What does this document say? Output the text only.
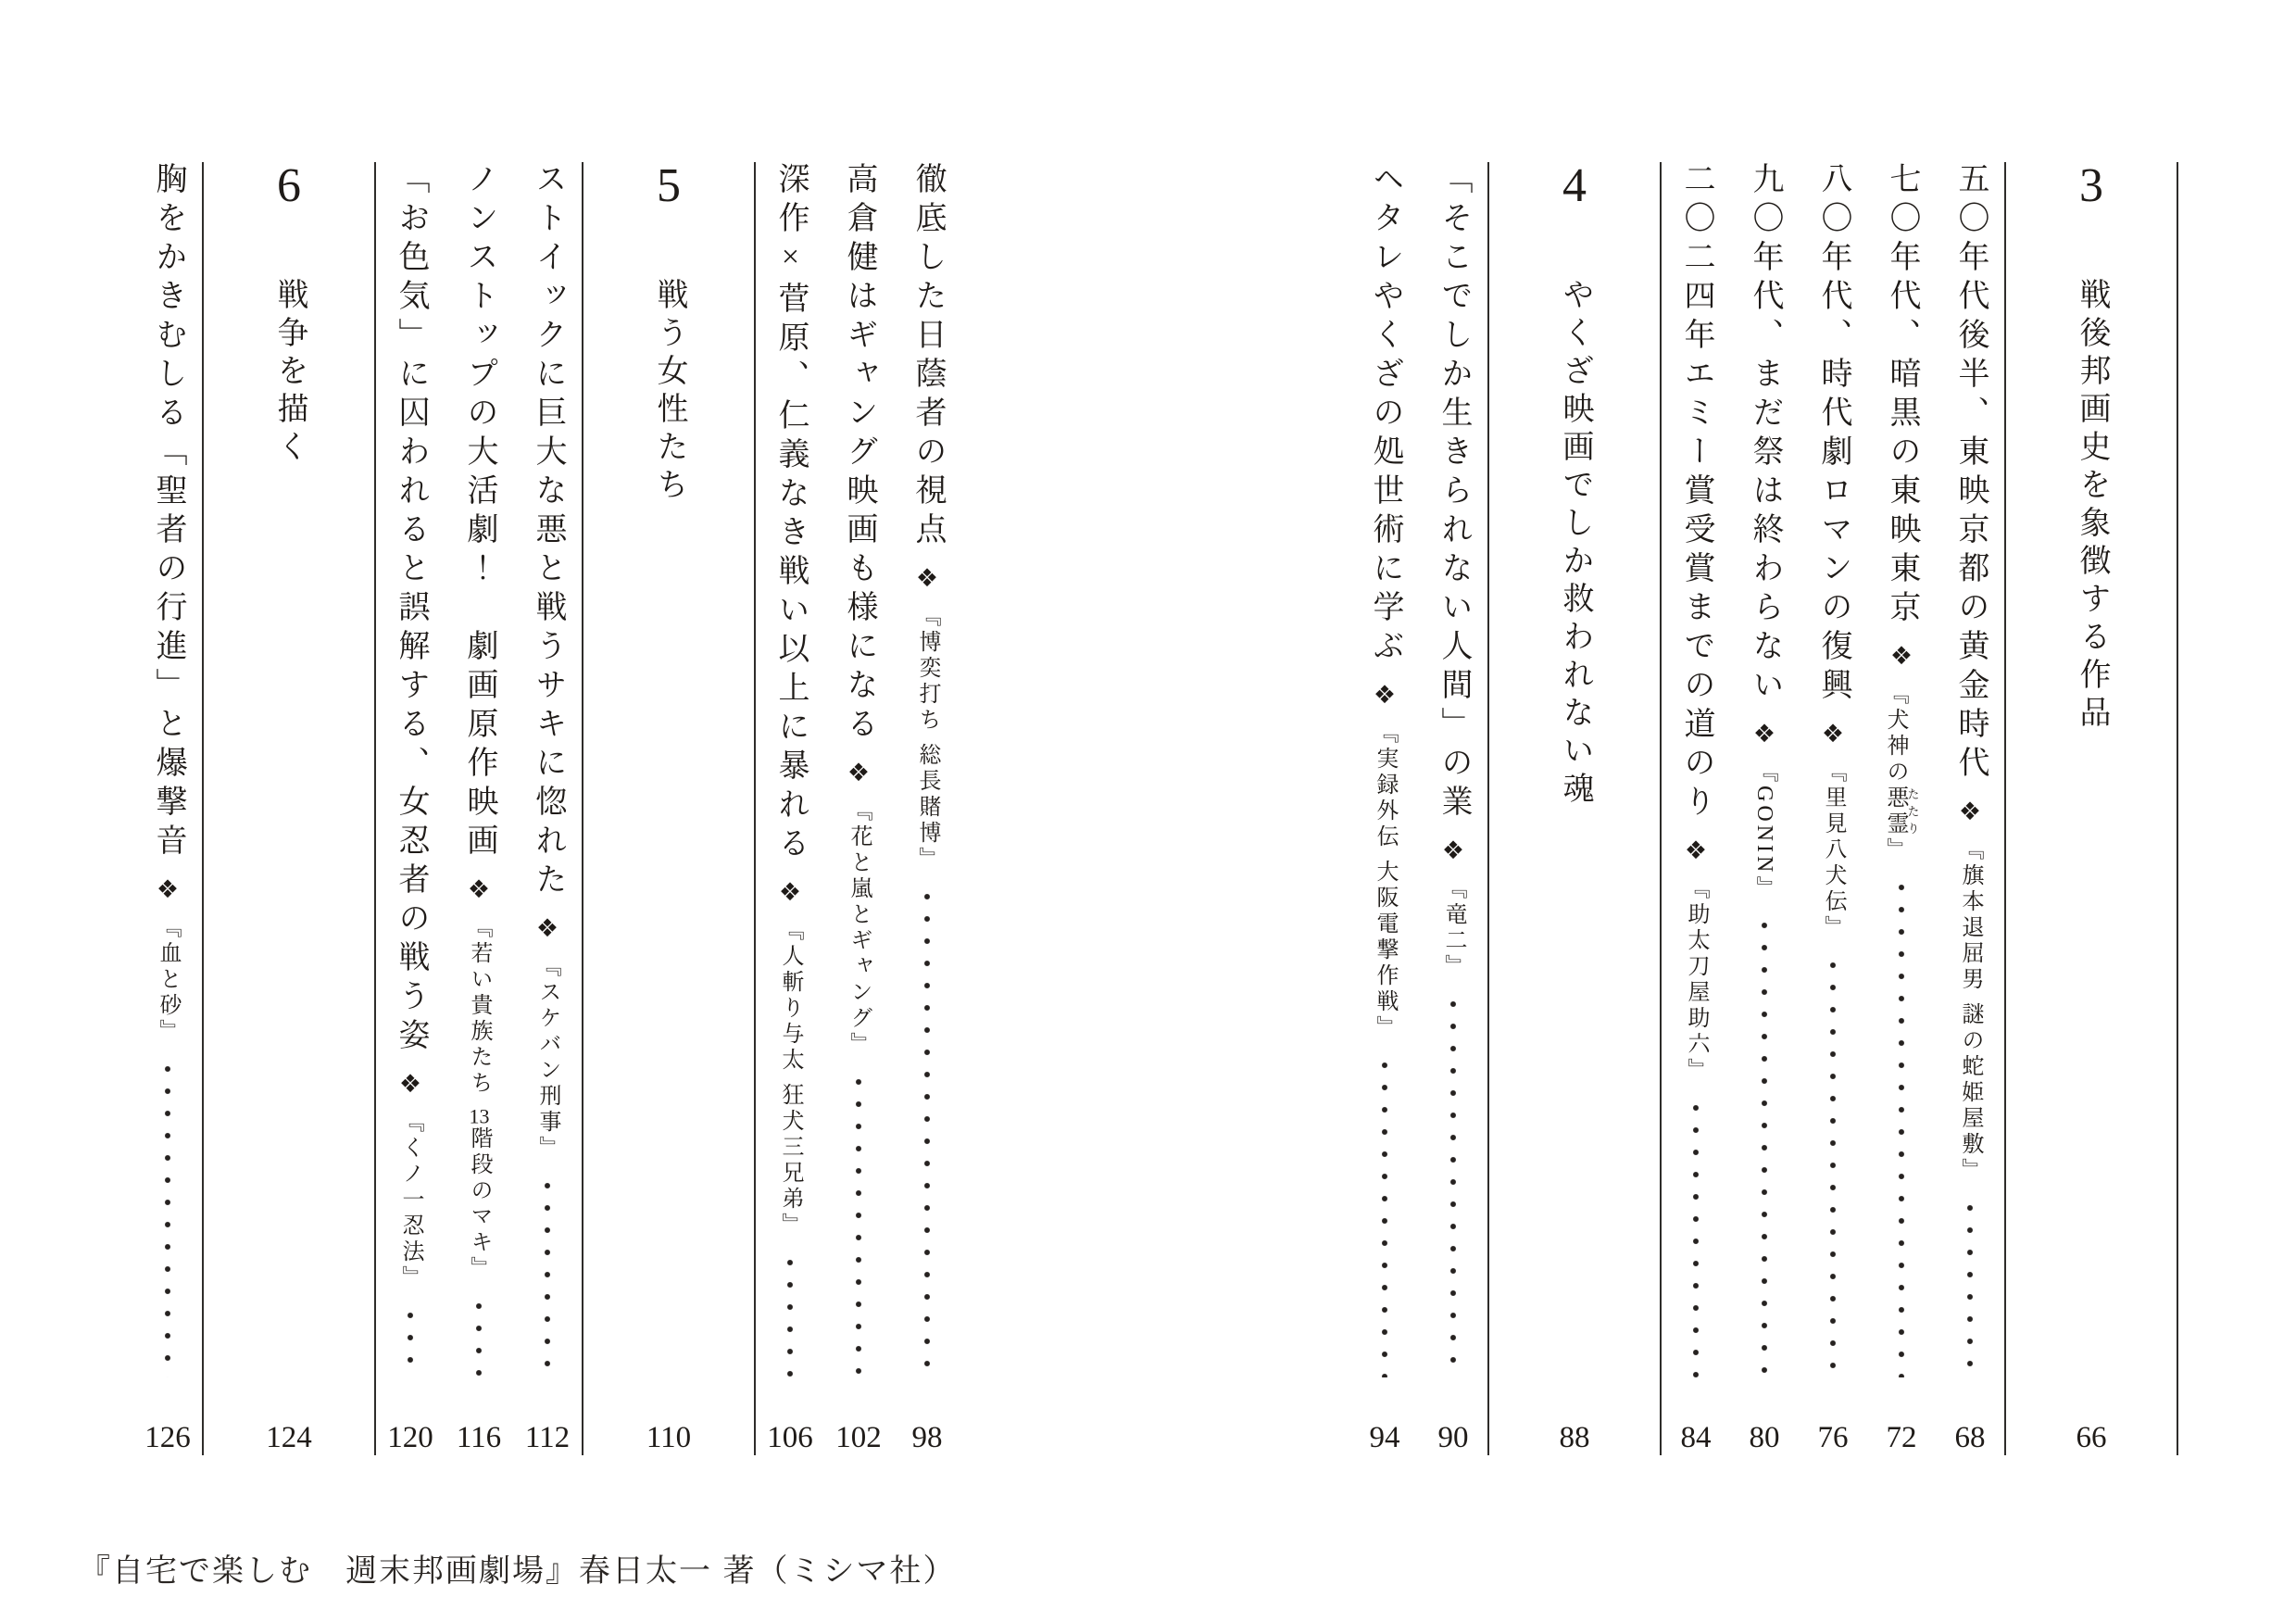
3
戦後邦画史を象徴する作品
66
五〇年代後半、東映京都の黄金時代
❖
『旗本退屈男 謎の蛇姫屋敷』
68
七〇年代、暗黒の東映東京
❖
『犬神の悪霊たたり』
72
八〇年代、時代劇ロマンの復興
❖
『里見八犬伝』
76
九〇年代、まだ祭は終わらない
❖
『GONIN』
80
二〇二四年エミー賞受賞までの道のり
❖
『助太刀屋助六』
84
4
やくざ映画でしか救われない魂
88
「そこでしか生きられない人間」の業
❖
『竜二』
90
ヘタレやくざの処世術に学ぶ
❖
『実録外伝 大阪電撃作戦』
94
徹底した日蔭者の視点
❖
『博奕打ち 総長賭博』
98
高倉健はギャング映画も様になる
❖
『花と嵐とギャング』
102
深作×菅原、仁義なき戦い以上に暴れる
❖
『人斬り与太 狂犬三兄弟』
106
5
戦う女性たち
110
ストイックに巨大な悪と戦うサキに惚れた
❖
『スケバン刑事』
112
ノンストップの大活劇！　劇画原作映画
❖
『若い貴族たち 13階段のマキ』
116
「お色気」に囚われると誤解する、女忍者の戦う姿
❖
『くノ一忍法』
120
6
戦争を描く
124
胸をかきむしる「聖者の行進」と爆撃音
❖
『血と砂』
126
『自宅で楽しむ　週末邦画劇場』春日太一 著（ミシマ社）
